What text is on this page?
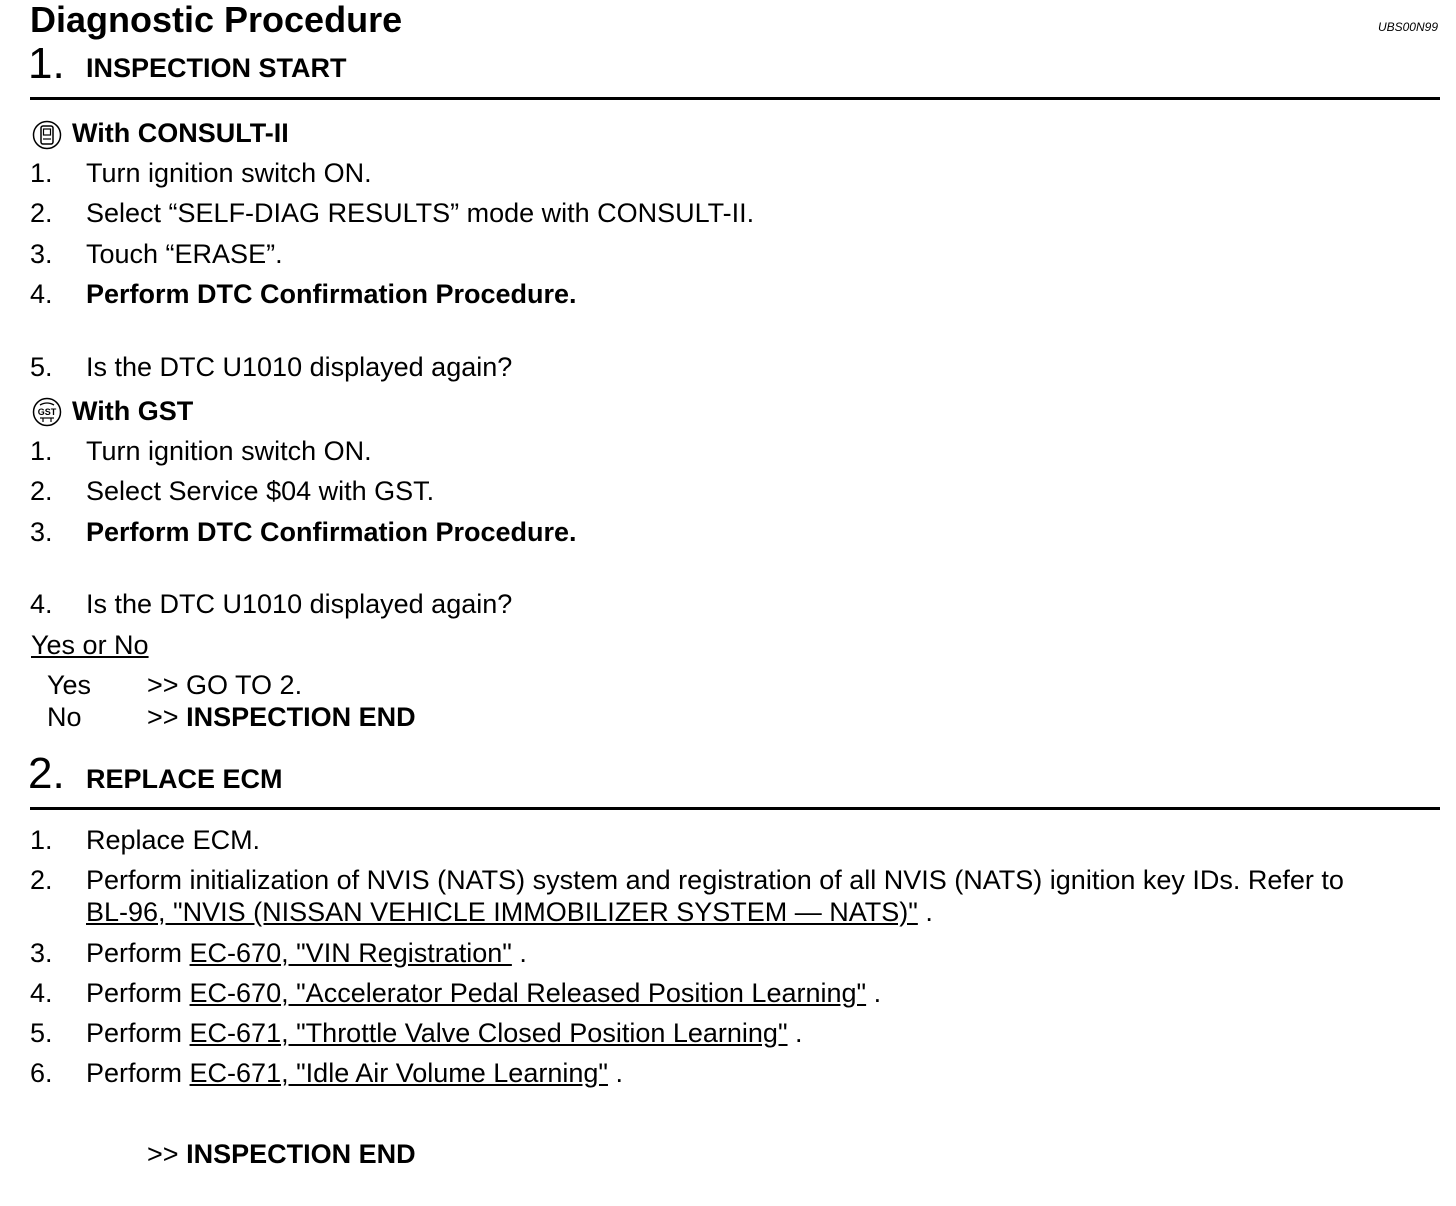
Diagnostic Procedure	UBS00N99
1. INSPECTION START
With CONSULT-II
1. Turn ignition switch ON.
2. Select “SELF-DIAG RESULTS” mode with CONSULT-II.
3. Touch “ERASE”.
4. Perform DTC Confirmation Procedure.
5. Is the DTC U1010 displayed again?
GST With GST
1. Turn ignition switch ON.
2. Select Service $04 with GST.
3. Perform DTC Confirmation Procedure.
4. Is the DTC U1010 displayed again?
Yes or No
Yes >> GO TO 2.
No >> INSPECTION END
2. REPLACE ECM
1. Replace ECM.
2. Perform initialization of NVIS (NATS) system and registration of all NVIS (NATS) ignition key IDs. Refer to
BL-96, "NVIS (NISSAN VEHICLE IMMOBILIZER SYSTEM — NATS)" .
3. Perform EC-670, "VIN Registration" .
4. Perform EC-670, "Accelerator Pedal Released Position Learning" .
5. Perform EC-671, "Throttle Valve Closed Position Learning" .
6. Perform EC-671, "Idle Air Volume Learning" .
>> INSPECTION END
